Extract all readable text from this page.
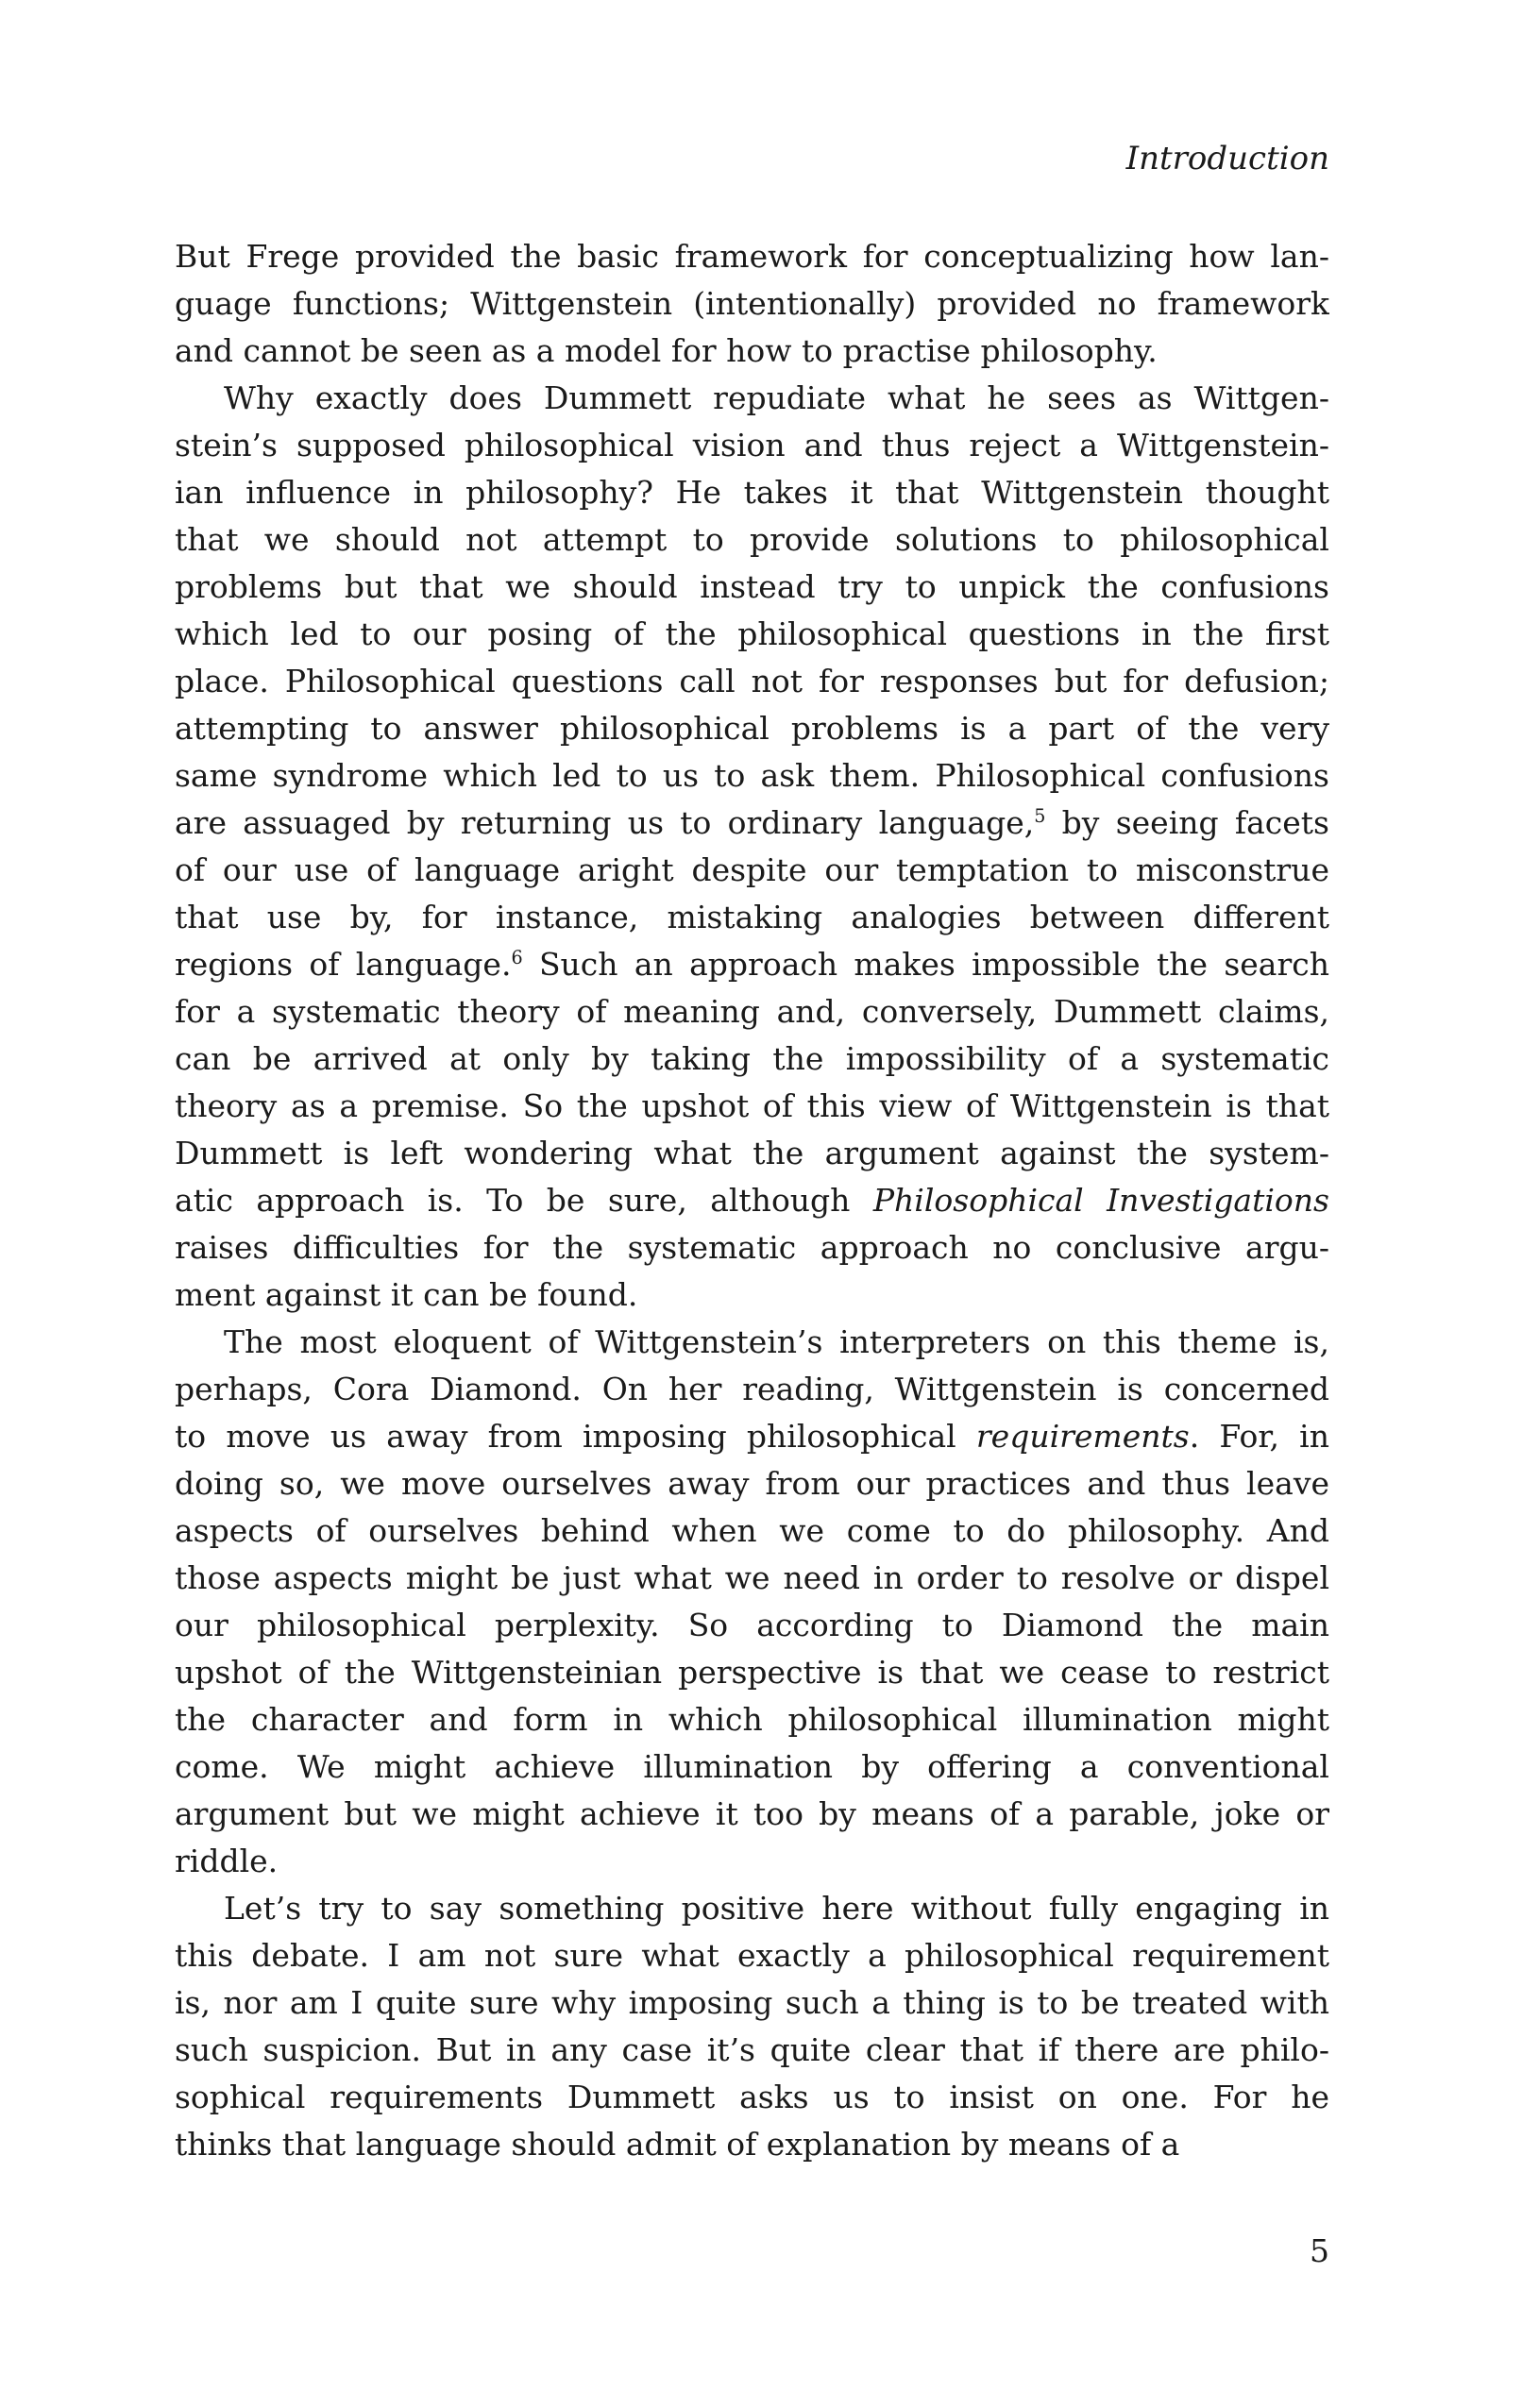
Introduction
But Frege provided the basic framework for conceptualizing how lan-
guage functions; Wittgenstein (intentionally) provided no framework
and cannot be seen as a model for how to practise philosophy.
Why exactly does Dummett repudiate what he sees as Wittgen-
stein’s supposed philosophical vision and thus reject a Wittgenstein-
ian influence in philosophy? He takes it that Wittgenstein thought
that we should not attempt to provide solutions to philosophical
problems but that we should instead try to unpick the confusions
which led to our posing of the philosophical questions in the first
place. Philosophical questions call not for responses but for defusion;
attempting to answer philosophical problems is a part of the very
same syndrome which led to us to ask them. Philosophical confusions
are assuaged by returning us to ordinary language,$^5$ by seeing facets
of our use of language aright despite our temptation to misconstrue
that use by, for instance, mistaking analogies between different
regions of language.$^6$ Such an approach makes impossible the search
for a systematic theory of meaning and, conversely, Dummett claims,
can be arrived at only by taking the impossibility of a systematic
theory as a premise. So the upshot of this view of Wittgenstein is that
Dummett is left wondering what the argument against the system-
atic approach is. To be sure, although Philosophical Investigations
raises difficulties for the systematic approach no conclusive argu-
ment against it can be found.
The most eloquent of Wittgenstein’s interpreters on this theme is,
perhaps, Cora Diamond. On her reading, Wittgenstein is concerned
to move us away from imposing philosophical requirements. For, in
doing so, we move ourselves away from our practices and thus leave
aspects of ourselves behind when we come to do philosophy. And
those aspects might be just what we need in order to resolve or dispel
our philosophical perplexity. So according to Diamond the main
upshot of the Wittgensteinian perspective is that we cease to restrict
the character and form in which philosophical illumination might
come. We might achieve illumination by offering a conventional
argument but we might achieve it too by means of a parable, joke or
riddle.
Let’s try to say something positive here without fully engaging in
this debate. I am not sure what exactly a philosophical requirement
is, nor am I quite sure why imposing such a thing is to be treated with
such suspicion. But in any case it’s quite clear that if there are philo-
sophical requirements Dummett asks us to insist on one. For he
thinks that language should admit of explanation by means of a
5
